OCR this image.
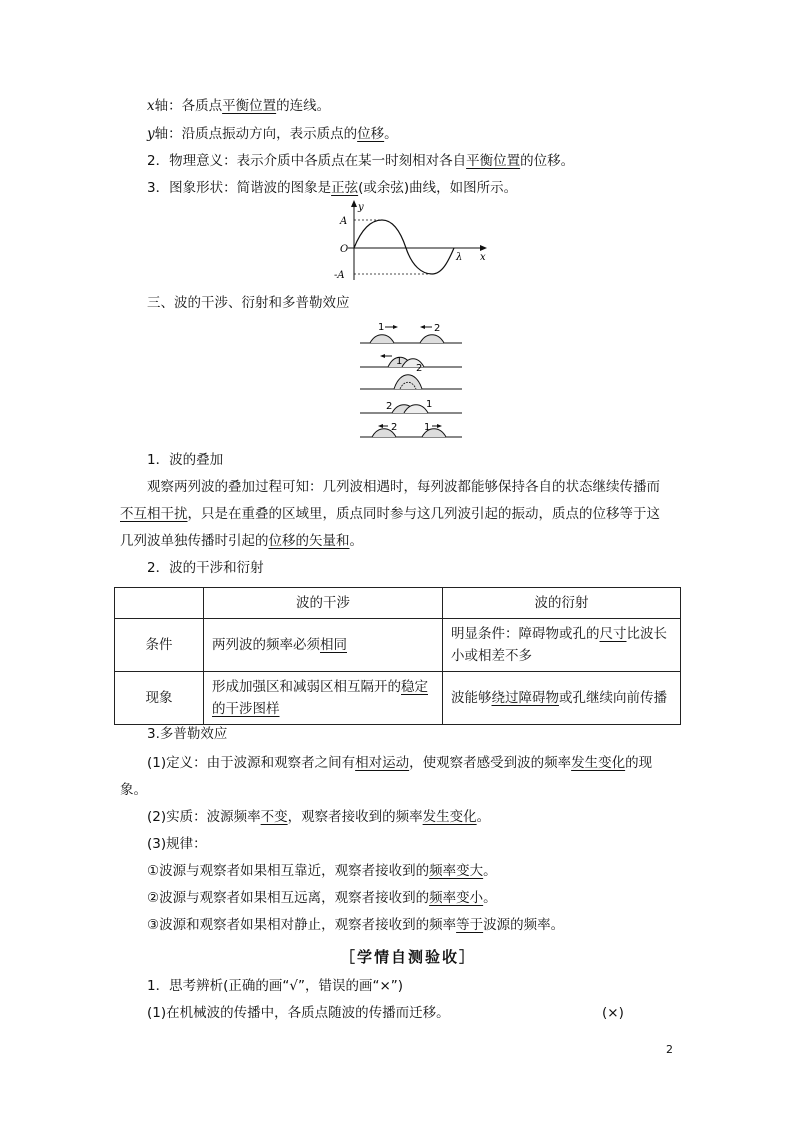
x轴：各质点平衡位置的连线。
y轴：沿质点振动方向，表示质点的位移。
2．物理意义：表示介质中各质点在某一时刻相对各自平衡位置的位移。
3．图象形状：简谐波的图象是正弦(或余弦)曲线，如图所示。
y
x
A
O
-A
λ
三、波的干涉、衍射和多普勒效应
1	2
1
2
2	1
2	1
1．波的叠加
观察两列波的叠加过程可知：几列波相遇时，每列波都能够保持各自的状态继续传播而
不互相干扰，只是在重叠的区域里，质点同时参与这几列波引起的振动，质点的位移等于这
几列波单独传播时引起的位移的矢量和。
2．波的干涉和衍射
	波的干涉	波的衍射
条件	两列波的频率必须相同	明显条件：障碍物或孔的尺寸比波长
小或相差不多
现象	形成加强区和减弱区相互隔开的稳定
的干涉图样	波能够绕过障碍物或孔继续向前传播
3.多普勒效应
(1)定义：由于波源和观察者之间有相对运动，使观察者感受到波的频率发生变化的现
象。
(2)实质：波源频率不变，观察者接收到的频率发生变化。
(3)规律：
①波源与观察者如果相互靠近，观察者接收到的频率变大。
②波源与观察者如果相互远离，观察者接收到的频率变小。
③波源和观察者如果相对静止，观察者接收到的频率等于波源的频率。
［学情自测验收］
1．思考辨析(正确的画“√”，错误的画“×”)
(1)在机械波的传播中，各质点随波的传播而迁移。	(×)
2
